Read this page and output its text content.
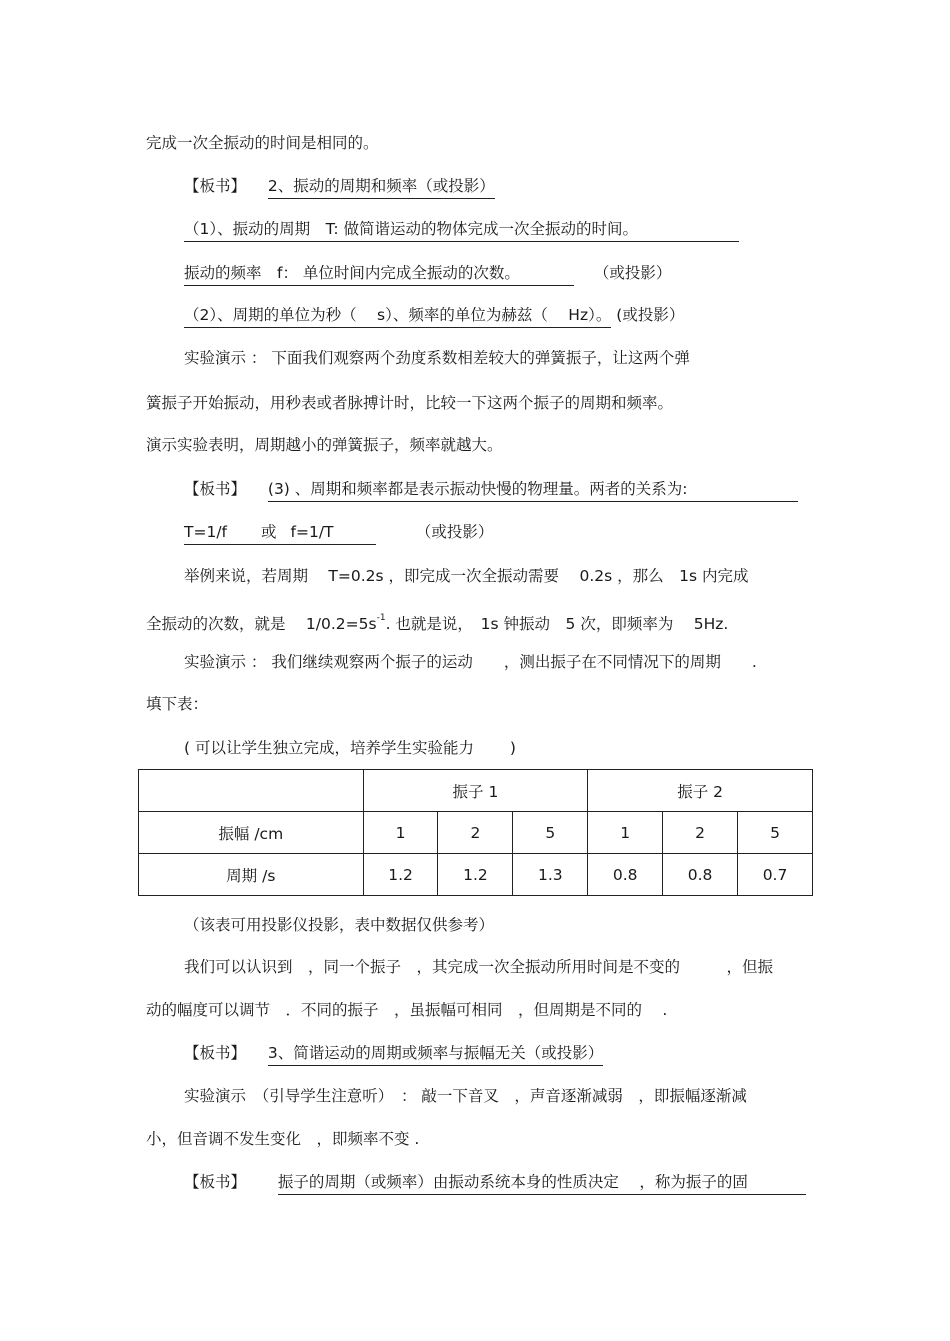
完成一次全振动的时间是相同的。
【板书】 2、振动的周期和频率（或投影）
（1）、振动的周期　T: 做简谐运动的物体完成一次全振动的时间。
振动的频率　f： 单位时间内完成全振动的次数。	（或投影）
（2）、周期的单位为秒（　 s）、频率的单位为赫兹（　 Hz）。 (或投影）
实验演示 ： 下面我们观察两个劲度系数相差较大的弹簧振子，让这两个弹
簧振子开始振动，用秒表或者脉搏计时，比较一下这两个振子的周期和频率。
演示实验表明，周期越小的弹簧振子，频率就越大。
【板书】 (3) 、周期和频率都是表示振动快慢的物理量。两者的关系为:
T=1/f 或 f=1/T	（或投影）
举例来说，若周期　 T=0.2s ，即完成一次全振动需要　 0.2s ，那么　1s 内完成
全振动的次数，就是　 $1/0.2=5s^{-1}$. 也就是说，　1s 钟振动　5 次，即频率为　 5Hz.
实验演示 ： 我们继续观察两个振子的运动　　，测出振子在不同情况下的周期　　.
填下表：
( 可以让学生独立完成，培养学生实验能力　　 )
	振子 1			振子 2		
振幅 /cm	1	2	5	1	2	5
周期 /s	1.2	1.2	1.3	0.8	0.8	0.7
（该表可用投影仪投影，表中数据仅供参考）
我们可以认识到　，同一个振子　，其完成一次全振动所用时间是不变的　　　，但振
动的幅度可以调节　．不同的振子　，虽振幅可相同　，但周期是不同的　 .
【板书】 3、简谐运动的周期或频率与振幅无关（或投影）
实验演示　（引导学生注意听）　： 敲一下音叉　，声音逐渐减弱　，即振幅逐渐减
小，但音调不发生变化　，即频率不变 .
【板书】 振子的周期（或频率）由振动系统本身的性质决定　 ，称为振子的固
